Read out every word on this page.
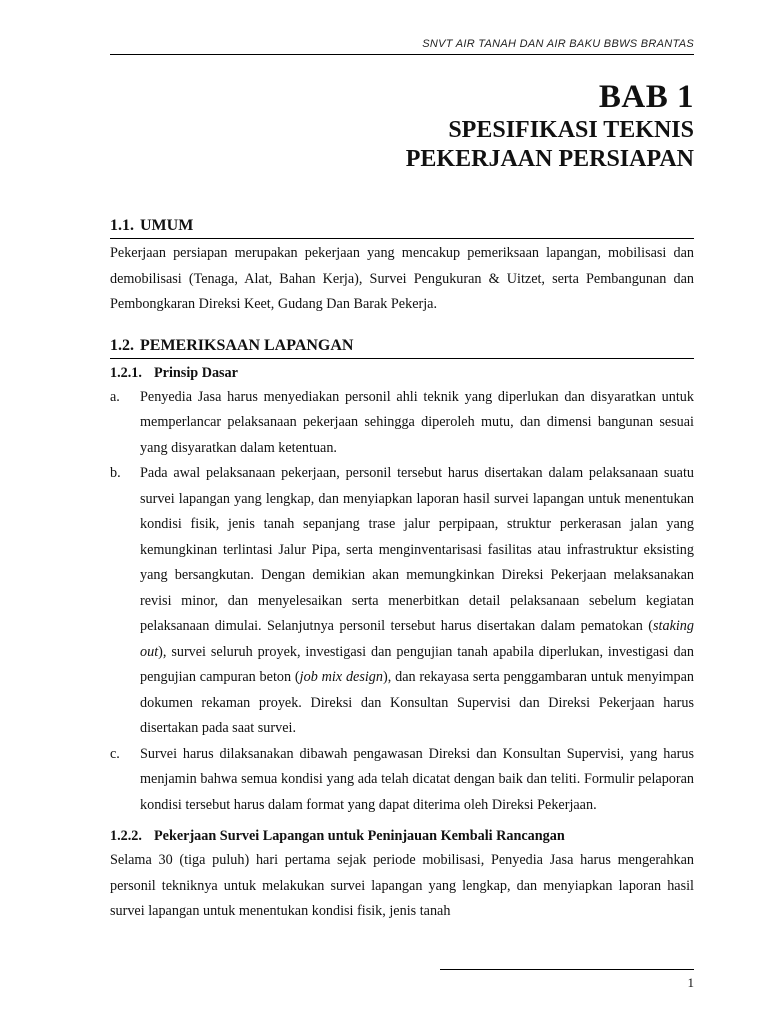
SNVT AIR TANAH DAN AIR BAKU BBWS BRANTAS
BAB 1
SPESIFIKASI TEKNIS
PEKERJAAN PERSIAPAN
1.1. UMUM

Pekerjaan persiapan merupakan pekerjaan yang mencakup pemeriksaan lapangan, mobilisasi dan demobilisasi (Tenaga, Alat, Bahan Kerja), Survei Pengukuran & Uitzet, serta Pembangunan dan Pembongkaran Direksi Keet, Gudang Dan Barak Pekerja.

1.2. PEMERIKSAAN LAPANGAN
1.2.1. Prinsip Dasar
a. Penyedia Jasa harus menyediakan personil ahli teknik yang diperlukan dan disyaratkan untuk memperlancar pelaksanaan pekerjaan sehingga diperoleh mutu, dan dimensi bangunan sesuai yang disyaratkan dalam ketentuan.
b. Pada awal pelaksanaan pekerjaan, personil tersebut harus disertakan dalam pelaksanaan suatu survei lapangan yang lengkap, dan menyiapkan laporan hasil survei lapangan untuk menentukan kondisi fisik, jenis tanah sepanjang trase jalur perpipaan, struktur perkerasan jalan yang kemungkinan terlintasi Jalur Pipa, serta menginventarisasi fasilitas atau infrastruktur eksisting yang bersangkutan. Dengan demikian akan memungkinkan Direksi Pekerjaan melaksanakan revisi minor, dan menyelesaikan serta menerbitkan detail pelaksanaan sebelum kegiatan pelaksanaan dimulai. Selanjutnya personil tersebut harus disertakan dalam pematokan (staking out), survei seluruh proyek, investigasi dan pengujian tanah apabila diperlukan, investigasi dan pengujian campuran beton (job mix design), dan rekayasa serta penggambaran untuk menyimpan dokumen rekaman proyek. Direksi dan Konsultan Supervisi dan Direksi Pekerjaan harus disertakan pada saat survei.
c. Survei harus dilaksanakan dibawah pengawasan Direksi dan Konsultan Supervisi, yang harus menjamin bahwa semua kondisi yang ada telah dicatat dengan baik dan teliti. Formulir pelaporan kondisi tersebut harus dalam format yang dapat diterima oleh Direksi Pekerjaan.
1.2.2. Pekerjaan Survei Lapangan untuk Peninjauan Kembali Rancangan

Selama 30 (tiga puluh) hari pertama sejak periode mobilisasi, Penyedia Jasa harus mengerahkan personil tekniknya untuk melakukan survei lapangan yang lengkap, dan menyiapkan laporan hasil survei lapangan untuk menentukan kondisi fisik, jenis tanah

1
